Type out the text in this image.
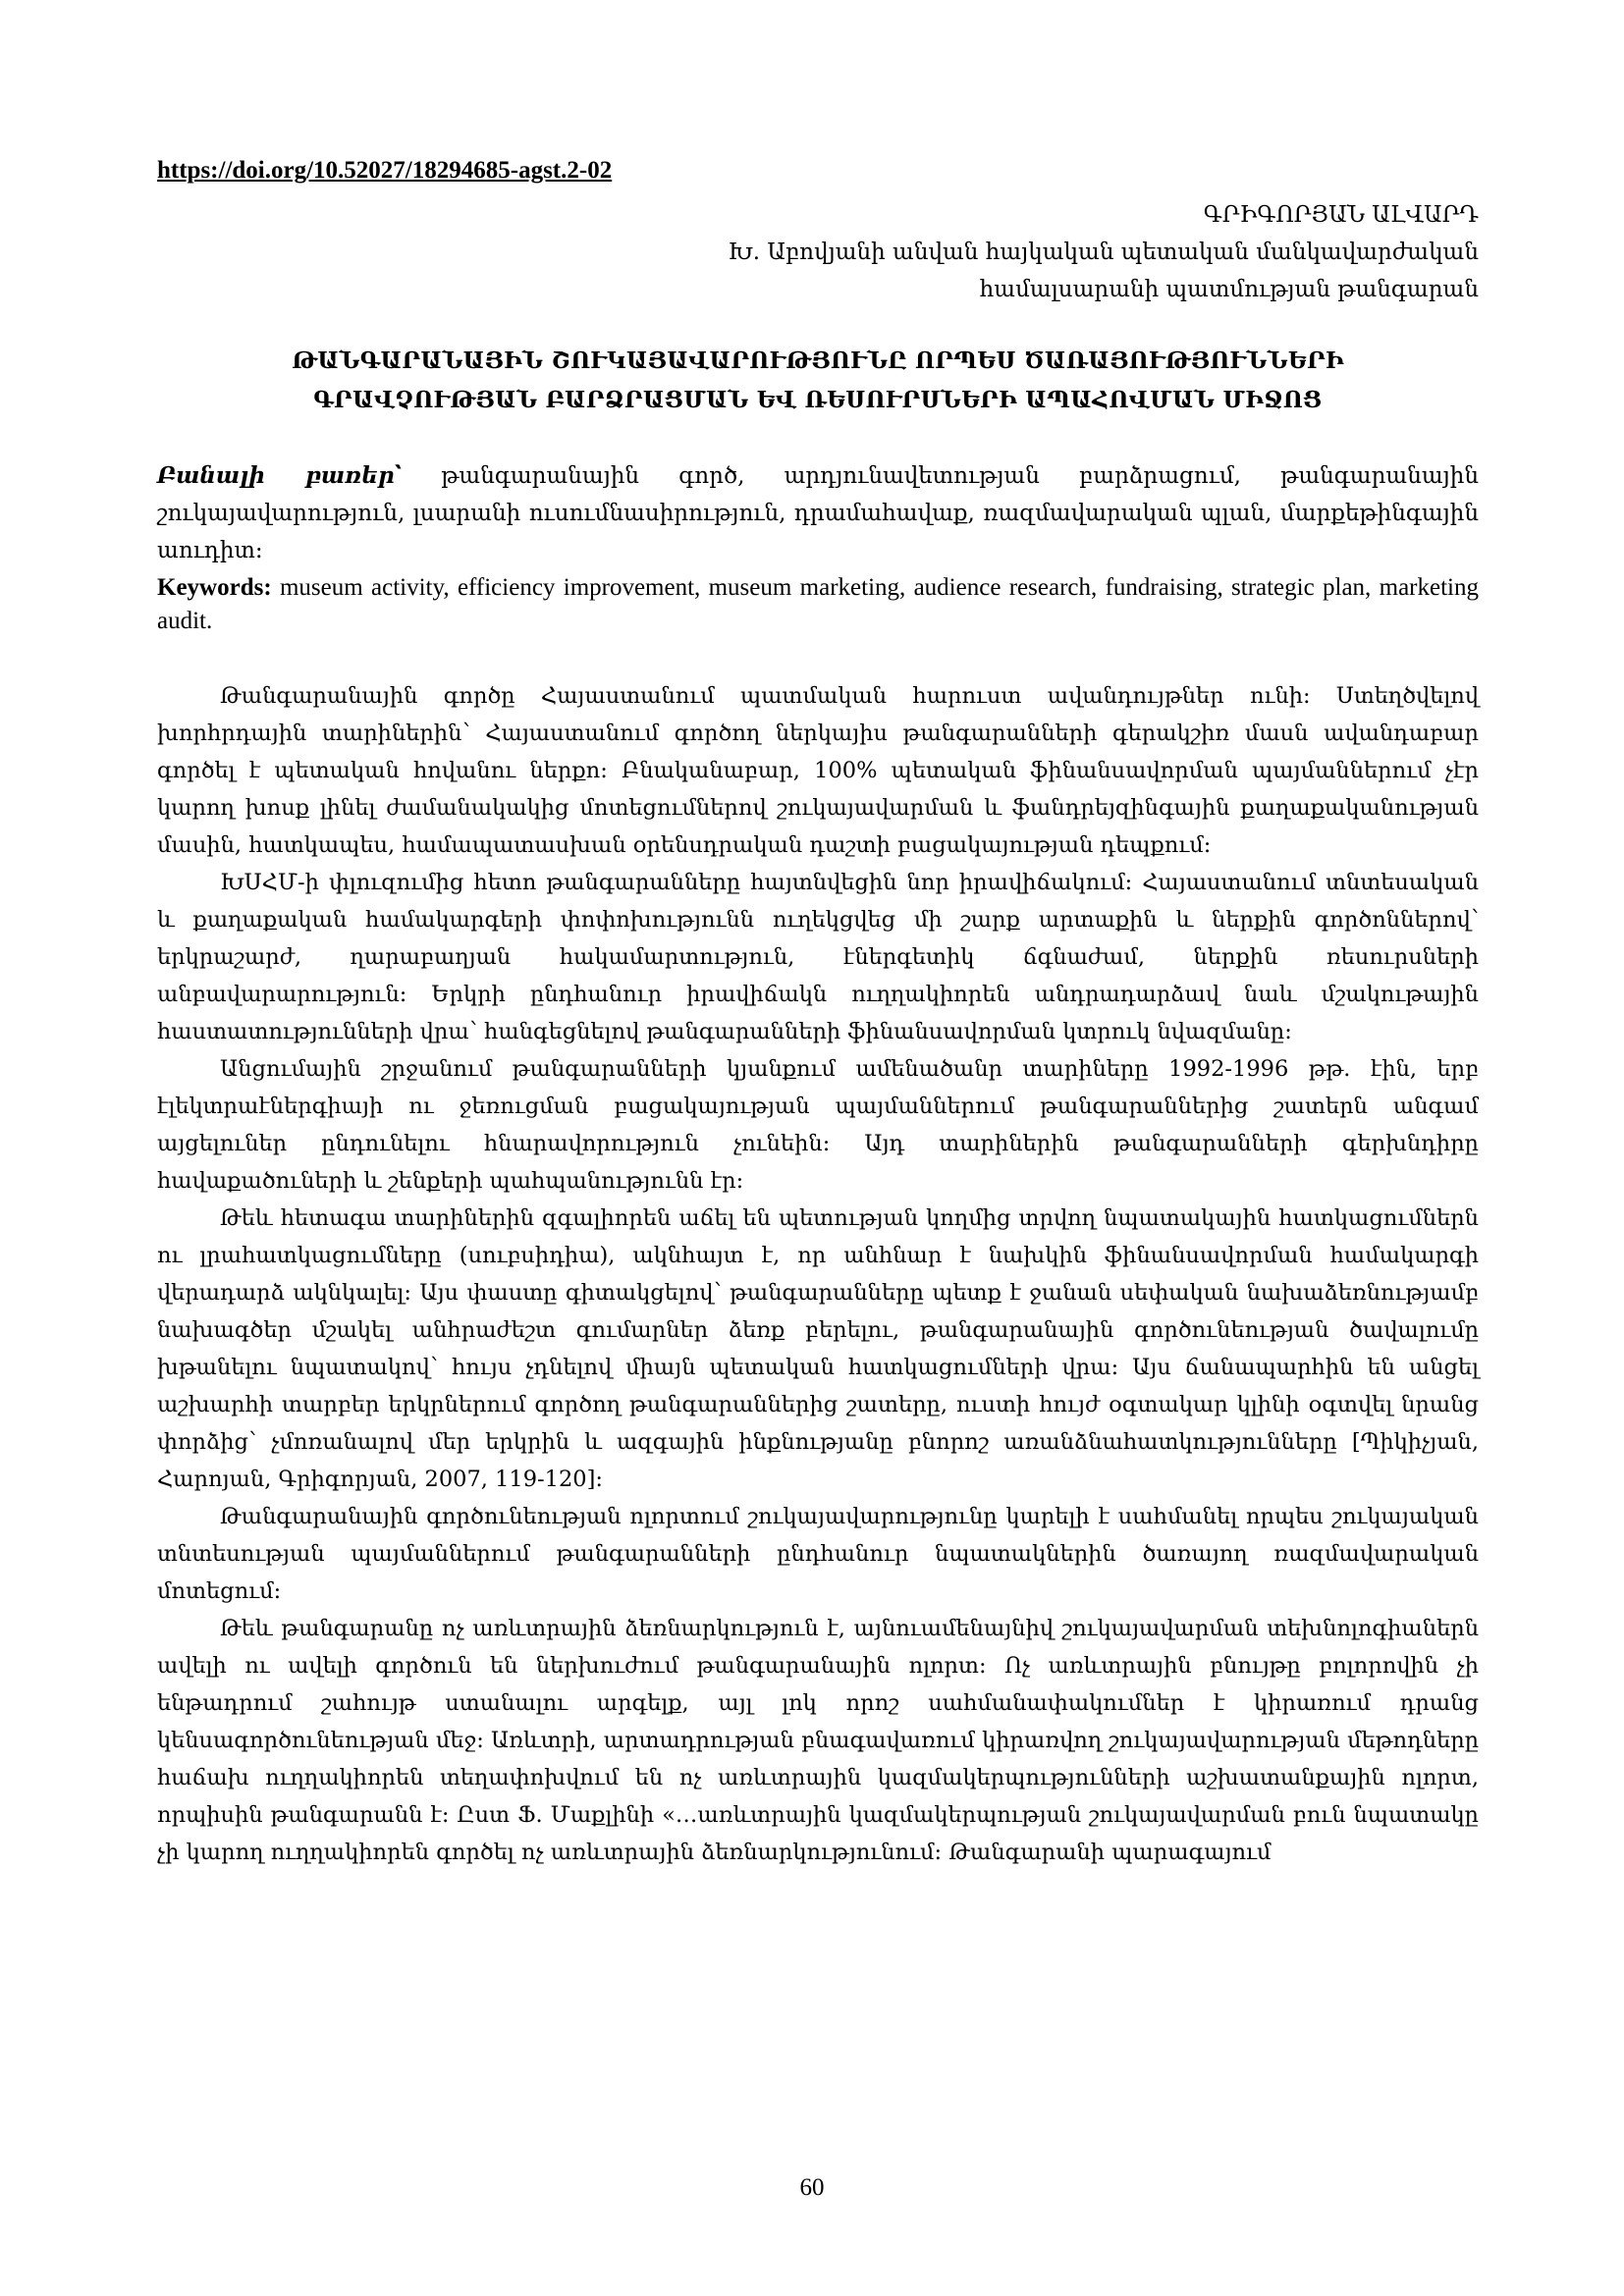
https://doi.org/10.52027/18294685-agst.2-02
ԳՐԻԳՈՐՅԱՆ ԱԼՎԱՐԴ
Խ. Աբովյանի անվան հայկական պետական մանկավարժական
համալսարանի պատմության թանգարան
ԹԱՆԳԱՐԱՆԱՅԻՆ ՇՈՒԿԱՅԱՎԱՐՈՒԹՅՈՒՆԸ ՈՐՊԵՍ ԾԱՌԱՅՈՒԹՅՈՒՆՆԵՐԻ
ԳՐԱՎՉՈՒԹՅԱՆ ԲԱՐՁՐԱՑՄԱՆ ԵՎ ՌԵՍՈՒՐՍՆԵՐԻ ԱՊԱՀՈՎՄԱՆ ՄԻՋՈՑ
Բանալի բառեր՝ թանգարանային գործ, արդյունավետության բարձրացում, թանգարանային շուկայավարություն, լսարանի ուսումնասիրություն, դրամահավաք, ռազմավարական պլան, մարքեթինգային աուդիտ:
Keywords: museum activity, efficiency improvement, museum marketing, audience research, fundraising, strategic plan, marketing audit.

Թանգարանային գործը Հայաստանում պատմական հարուստ ավանդույթներ ունի: Ստեղծվելով խորհրդային տարիներին՝ Հայաստանում գործող ներկայիս թանգարանների գերակշիռ մասն ավանդաբար գործել է պետական հովանու ներքո: Բնականաբար, 100% պետական ֆինանսավորման պայմաններում չէր կարող խոսք լինել ժամանակակից մոտեցումներով շուկայավարման և ֆանդրեյզինգային քաղաքականության մասին, հատկապես, համապատասխան օրենսդրական դաշտի բացակայության դեպքում:

ԽՍՀՄ-ի փլուզումից հետո թանգարանները հայտնվեցին նոր իրավիճակում: Հայաստանում տնտեսական և քաղաքական համակարգերի փոփոխությունն ուղեկցվեց մի շարք արտաքին և ներքին գործոններով՝ երկրաշարժ, ղարաբաղյան հակամարտություն, էներգետիկ ճգնաժամ, ներքին ռեսուրսների անբավարարություն: Երկրի ընդհանուր իրավիճակն ուղղակիորեն անդրադարձավ նաև մշակութային հաստատությունների վրա՝ հանգեցնելով թանգարանների ֆինանսավորման կտրուկ նվազմանը:

Անցումային շրջանում թանգարանների կյանքում ամենածանր տարիները 1992-1996 թթ. էին, երբ էլեկտրաէներգիայի ու ջեռուցման բացակայության պայմաններում թանգարաններից շատերն անգամ այցելուներ ընդունելու հնարավորություն չունեին: Այդ տարիներին թանգարանների գերխնդիրը հավաքածուների և շենքերի պահպանությունն էր:

Թեև հետագա տարիներին զգալիորեն աճել են պետության կողմից տրվող նպատակային հատկացումներն ու լրահատկացումները (սուբսիդիա), ակնհայտ է, որ անհնար է նախկին ֆինանսավորման համակարգի վերադարձ ակնկալել: Այս փաստը գիտակցելով՝ թանգարանները պետք է ջանան սեփական նախաձեռնությամբ նախագծեր մշակել անհրաժեշտ գումարներ ձեռք բերելու, թանգարանային գործունեության ծավալումը խթանելու նպատակով՝ հույս չդնելով միայն պետական հատկացումների վրա: Այս ճանապարհին են անցել աշխարհի տարբեր երկրներում գործող թանգարաններից շատերը, ուստի հույժ օգտակար կլինի օգտվել նրանց փորձից՝ չմոռանալով մեր երկրին և ազգային ինքնությանը բնորոշ առանձնահատկությունները [Պիկիչյան, Հարոյան, Գրիգորյան, 2007, 119-120]:

Թանգարանային գործունեության ոլորտում շուկայավարությունը կարելի է սահմանել որպես շուկայական տնտեսության պայմաններում թանգարանների ընդհանուր նպատակներին ծառայող ռազմավարական մոտեցում:

Թեև թանգարանը ոչ առևտրային ձեռնարկություն է, այնուամենայնիվ շուկայավարման տեխնոլոգիաներն ավելի ու ավելի գործուն են ներխուժում թանգարանային ոլորտ: Ոչ առևտրային բնույթը բոլորովին չի ենթադրում շահույթ ստանալու արգելք, այլ լոկ որոշ սահմանափակումներ է կիրառում դրանց կենսագործունեության մեջ: Առևտրի, արտադրության բնագավառում կիրառվող շուկայավարության մեթոդները հաճախ ուղղակիորեն տեղափոխվում են ոչ առևտրային կազմակերպությունների աշխատանքային ոլորտ, որպիսին թանգարանն է: Ըստ Ֆ. Մաքլինի «…առևտրային կազմակերպության շուկայավարման բուն նպատակը չի կարող ուղղակիորեն գործել ոչ առևտրային ձեռնարկությունում: Թանգարանի պարագայում

60
